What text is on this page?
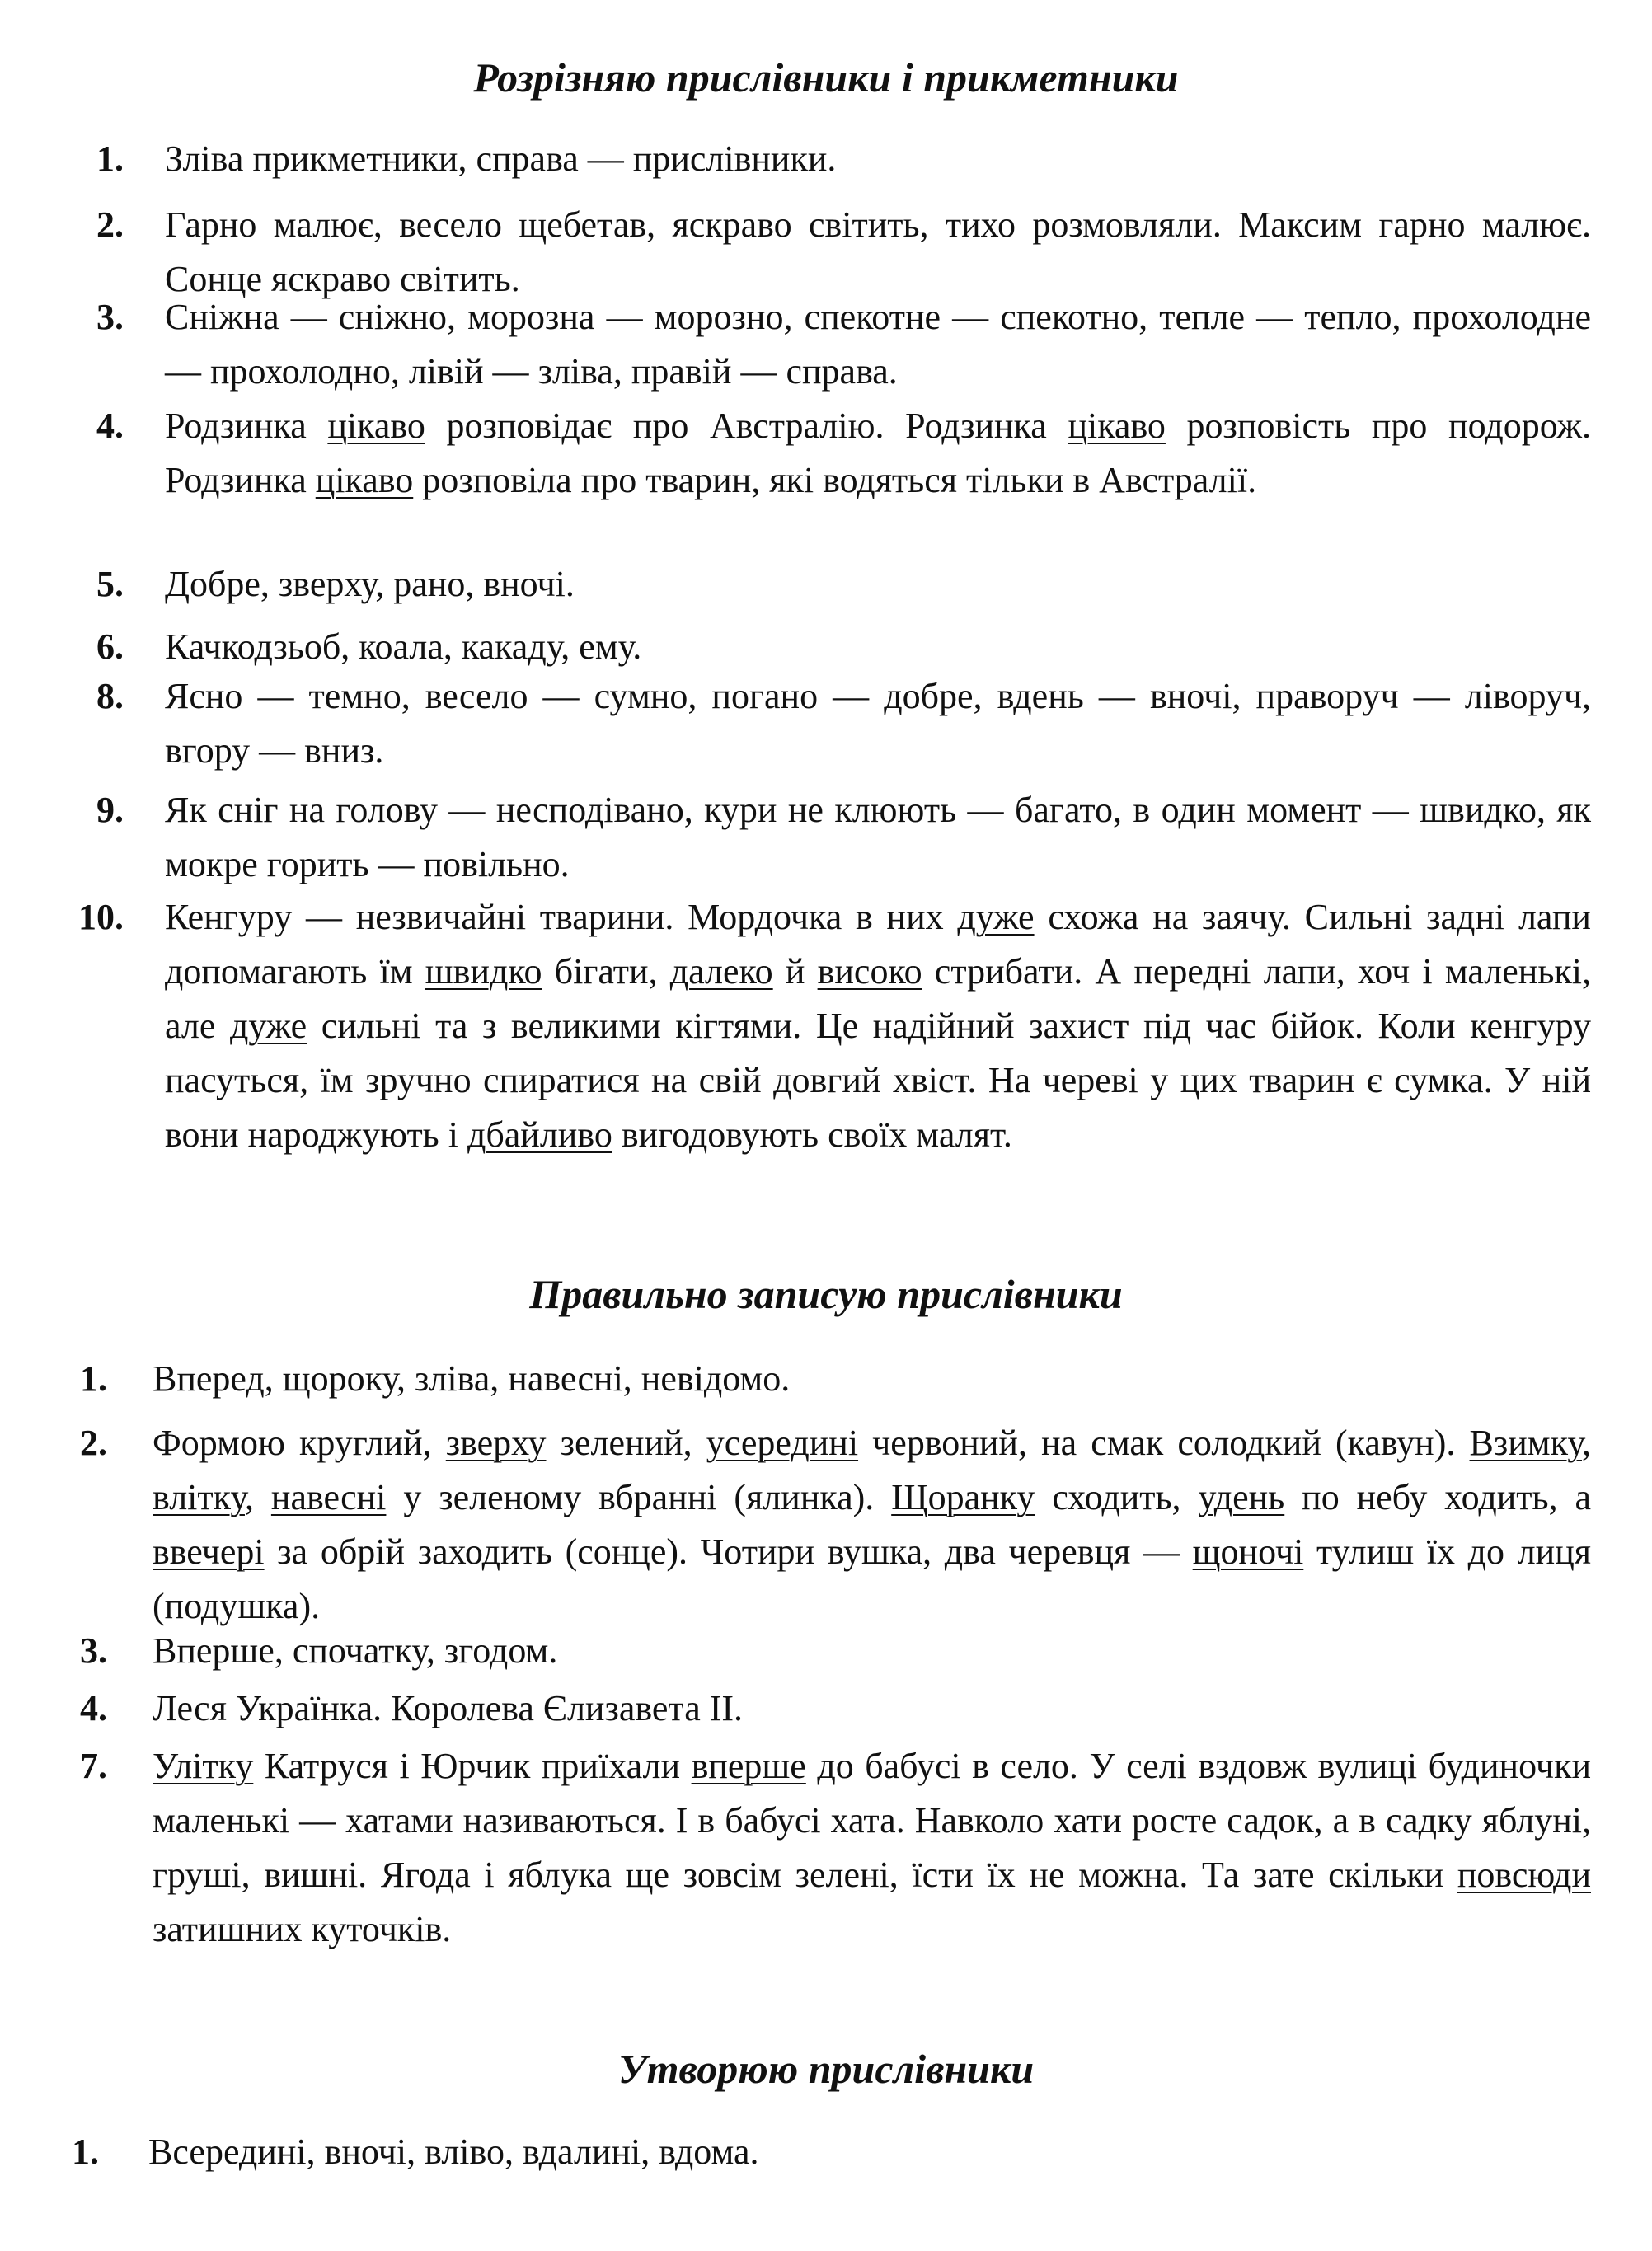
Розрізняю прислівники і прикметники
1. Зліва прикметники, справа — прислівники.
2. Гарно малює, весело щебетав, яскраво світить, тихо розмовляли. Максим гарно малює. Сонце яскраво світить.
3. Сніжна — сніжно, морозна — морозно, спекотне — спекотно, тепле — тепло, прохолодне — прохолодно, лівій — зліва, правій — справа.
4. Родзинка цікаво розповідає про Австралію. Родзинка цікаво розповість про подорож. Родзинка цікаво розповіла про тварин, які водяться тільки в Австралії.
5. Добре, зверху, рано, вночі.
6. Качкодзьоб, коала, какаду, ему.
8. Ясно — темно, весело — сумно, погано — добре, вдень — вночі, праворуч — ліворуч, вгору — вниз.
9. Як сніг на голову — несподівано, кури не клюють — багато, в один момент — швидко, як мокре горить — повільно.
10. Кенгуру — незвичайні тварини. Мордочка в них дуже схожа на заячу. Сильні задні лапи допомагають їм швидко бігати, далеко й високо стрибати. А передні лапи, хоч і маленькі, але дуже сильні та з великими кігтями. Це надійний захист під час бійок. Коли кенгуру пасуться, їм зручно спиратися на свій довгий хвіст. На череві у цих тварин є сумка. У ній вони народжують і дбайливо вигодовують своїх малят.
Правильно записую прислівники
1. Вперед, щороку, зліва, навесні, невідомо.
2. Формою круглий, зверху зелений, усередині червоний, на смак солодкий (кавун). Взимку, влітку, навесні у зеленому вбранні (ялинка). Щоранку сходить, удень по небу ходить, а ввечері за обрій заходить (сонце). Чотири вушка, два черевця — щоночі тулиш їх до лиця (подушка).
3. Вперше, спочатку, згодом.
4. Леся Українка. Королева Єлизавета II.
7. Улітку Катруся і Юрчик приїхали вперше до бабусі в село. У селі вздовж вулиці будиночки маленькі — хатами називаються. І в бабусі хата. Навколо хати росте садок, а в садку яблуні, груші, вишні. Ягода і яблука ще зовсім зелені, їсти їх не можна. Та зате скільки повсюди затишних куточків.
Утворюю прислівники
1. Всередині, вночі, вліво, вдалині, вдома.
